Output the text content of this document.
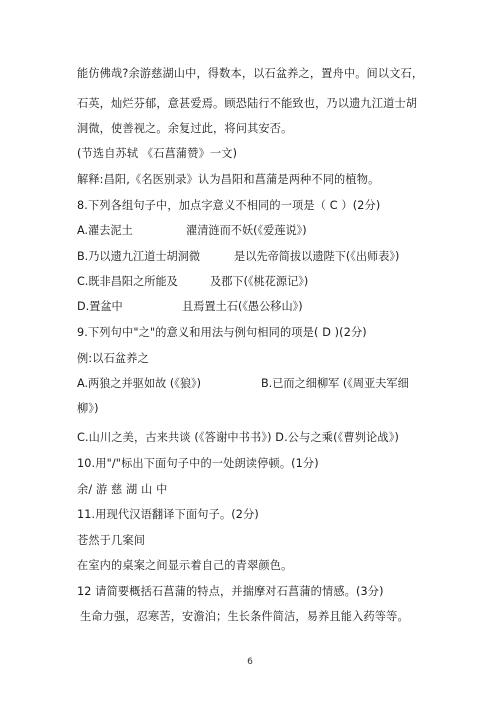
能仿佛哉?余游慈湖山中，得数本，以石盆养之，置舟中。间以文石，
石英，灿烂芬郁，意甚爱焉。顾恐陆行不能致也，乃以遗九江道士胡
洞微，使善视之。余复过此，将问其安否。
(节选自苏轼 《石菖蒲赞》一文)
解释:昌阳,《名医别录》认为昌阳和菖蒲是两种不同的植物。
8.下列各组句子中，加点字意义不相同的一项是（ C ）(2分)
A.濯去泥土	濯清涟而不妖(《爱莲说》)
B.乃以遗九江道士胡洞微	是以先帝简拔以遗陛下(《出师表》)
C.既非昌阳之所能及	及郡下(《桃花源记》)
D.置盆中	且焉置土石(《愚公移山》)
9.下列句中"之"的意义和用法与例句相同的项是( D )(2分)
例:以石盆养之
A.两狼之并驱如故 (《狼》)	B.已而之细柳军 (《周亚夫军细
柳》)
C.山川之美，古来共谈 (《答谢中书书》) D.公与之乘(《曹刿论战》)
10.用"/"标出下面句子中的一处朗读停顿。(1分)
余/ 游 慈 湖 山 中
11.用现代汉语翻译下面句子。(2分)
苍然于几案间
在室内的桌案之间显示着自己的青翠颜色。
12 请简要概括石菖蒲的特点，并揣摩对石菖蒲的情感。(3分)
生命力强，忍寒苦，安澹泊；生长条件简洁，易养且能入药等等。
6
